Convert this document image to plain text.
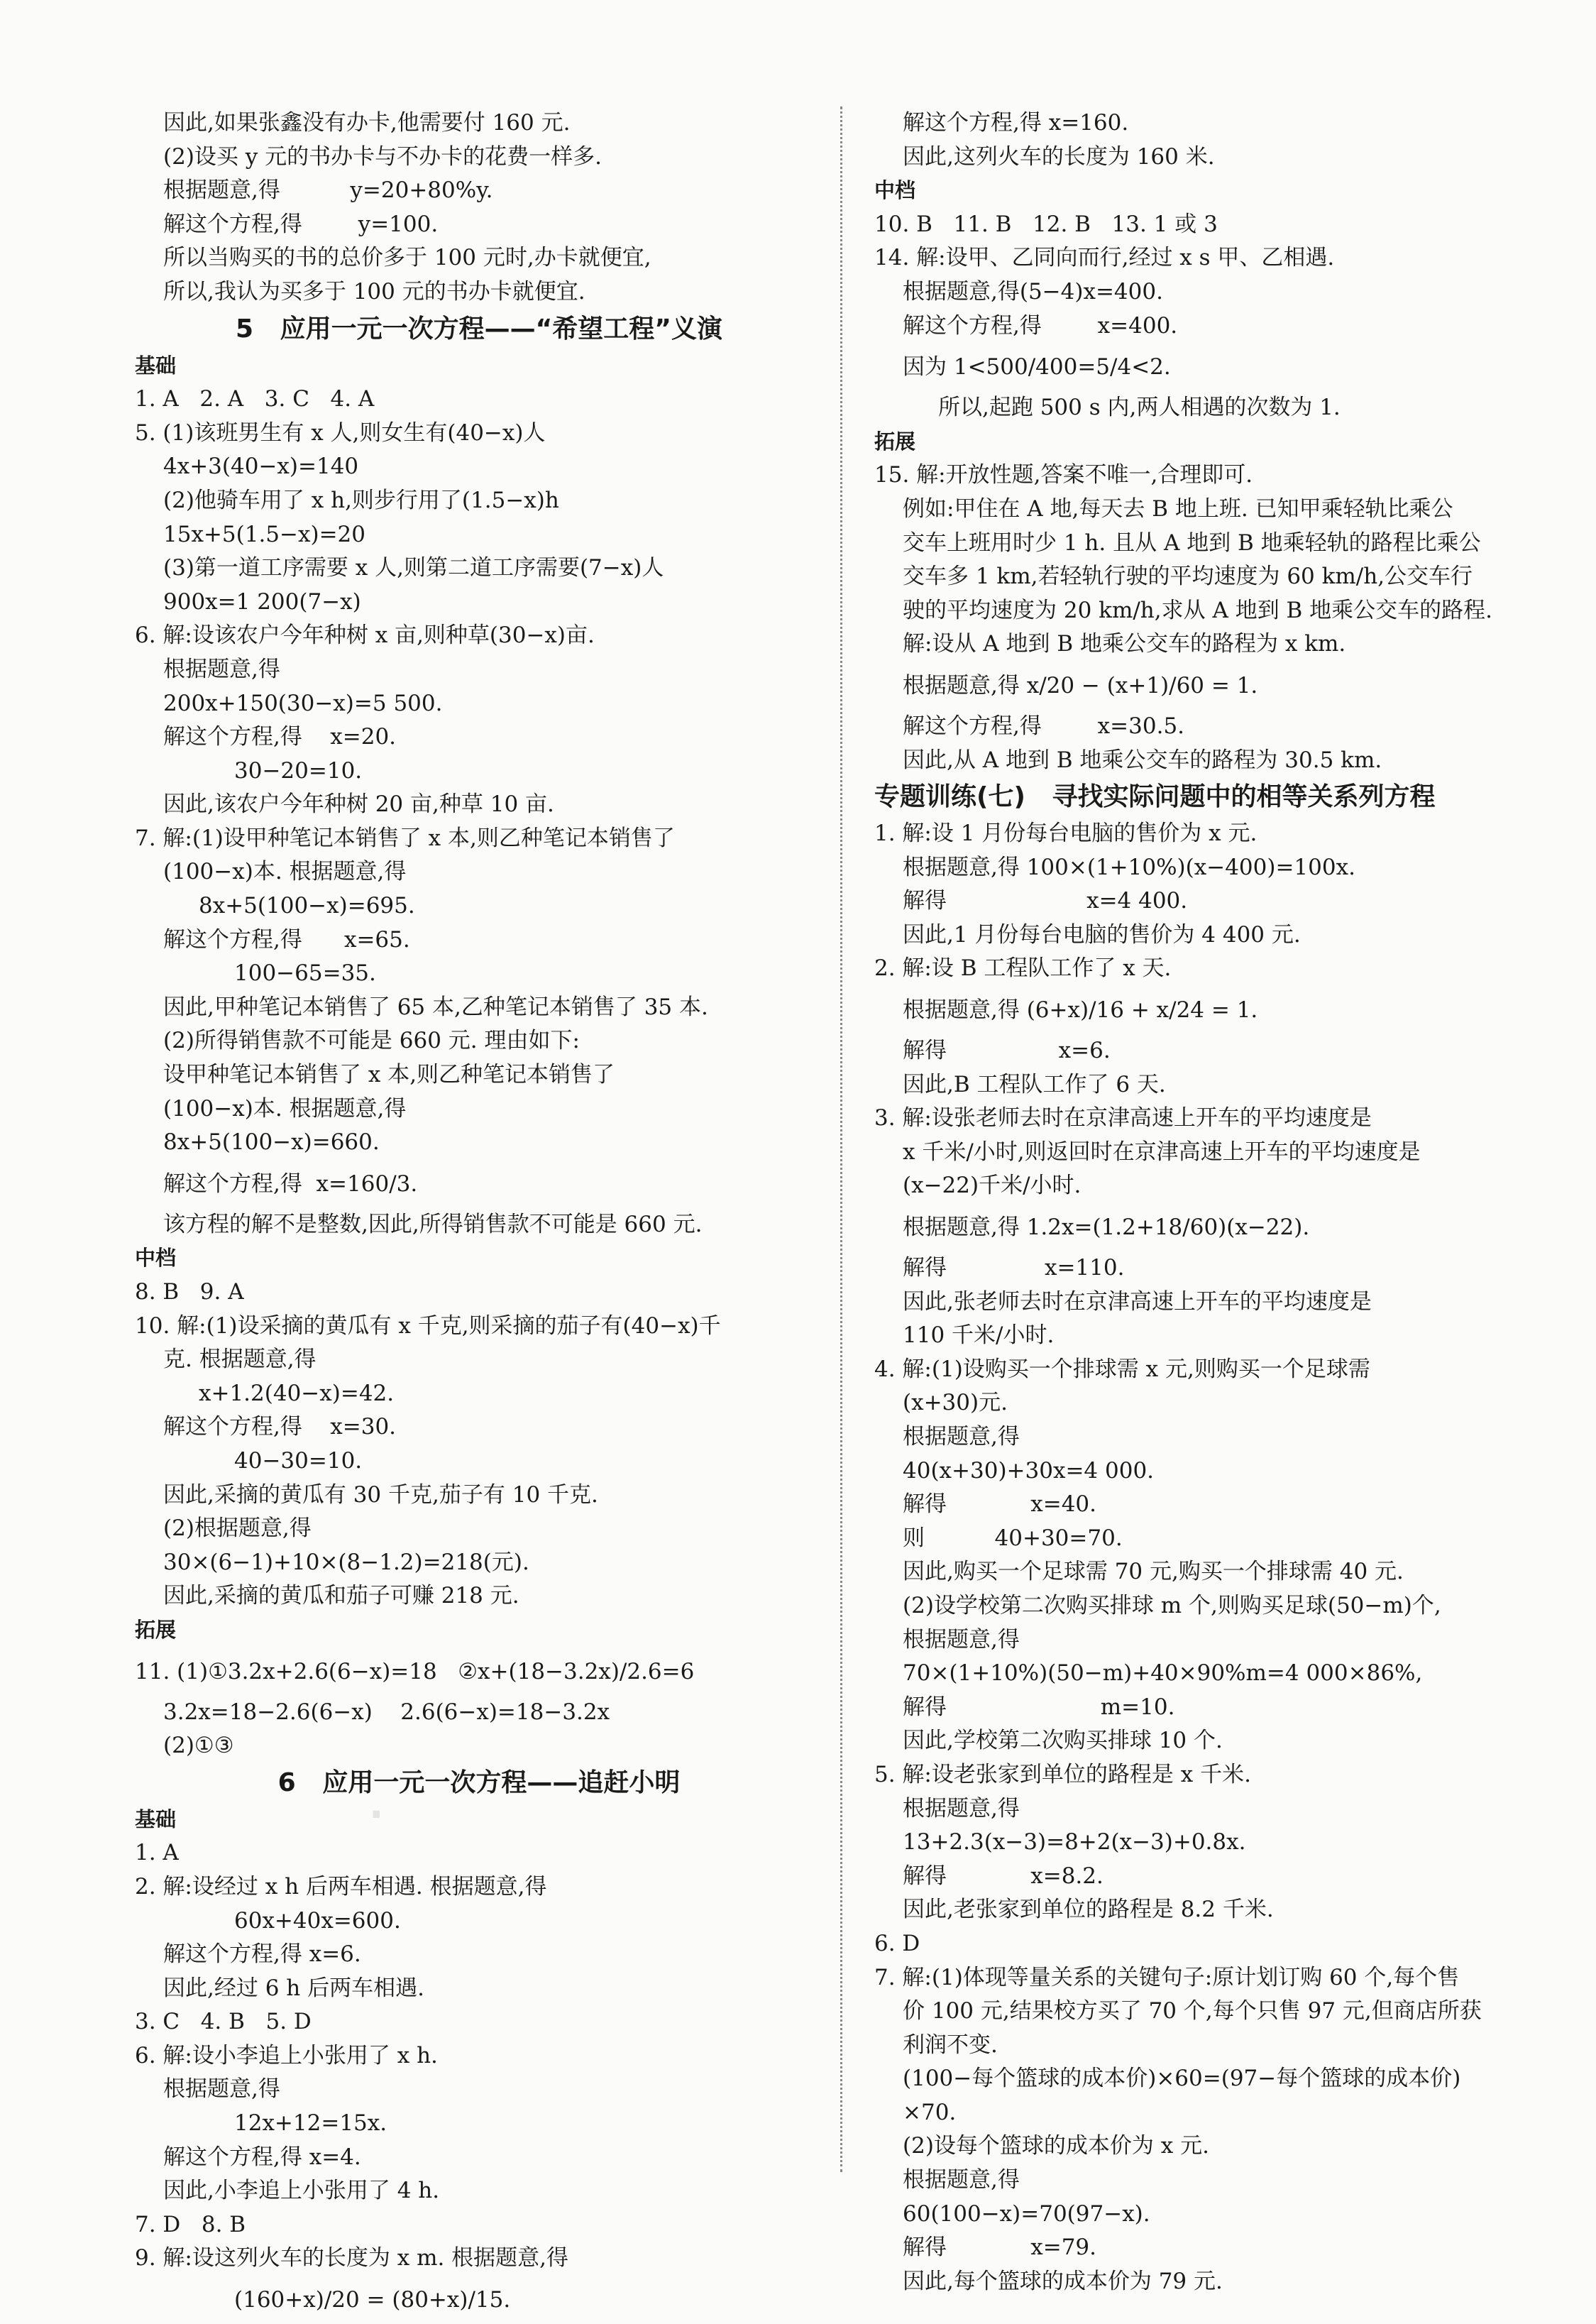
因此,如果张鑫没有办卡,他需要付 160 元.
(2)设买 y 元的书办卡与不办卡的花费一样多.
根据题意,得          y=20+80%y.
解这个方程,得        y=100.
所以当购买的书的总价多于 100 元时,办卡就便宜,
所以,我认为买多于 100 元的书办卡就便宜.
5   应用一元一次方程——“希望工程”义演
基础
1. A   2. A   3. C   4. A
5. (1)该班男生有 x 人,则女生有(40−x)人
4x+3(40−x)=140
(2)他骑车用了 x h,则步行用了(1.5−x)h
15x+5(1.5−x)=20
(3)第一道工序需要 x 人,则第二道工序需要(7−x)人
900x=1 200(7−x)
6. 解:设该农户今年种树 x 亩,则种草(30−x)亩.
根据题意,得
200x+150(30−x)=5 500.
解这个方程,得    x=20.
30−20=10.
因此,该农户今年种树 20 亩,种草 10 亩.
7. 解:(1)设甲种笔记本销售了 x 本,则乙种笔记本销售了
(100−x)本. 根据题意,得
8x+5(100−x)=695.
解这个方程,得      x=65.
100−65=35.
因此,甲种笔记本销售了 65 本,乙种笔记本销售了 35 本.
(2)所得销售款不可能是 660 元. 理由如下:
设甲种笔记本销售了 x 本,则乙种笔记本销售了
(100−x)本. 根据题意,得
8x+5(100−x)=660.
解这个方程,得  x=160/3.
该方程的解不是整数,因此,所得销售款不可能是 660 元.
中档
8. B   9. A
10. 解:(1)设采摘的黄瓜有 x 千克,则采摘的茄子有(40−x)千
克. 根据题意,得
x+1.2(40−x)=42.
解这个方程,得    x=30.
40−30=10.
因此,采摘的黄瓜有 30 千克,茄子有 10 千克.
(2)根据题意,得
30×(6−1)+10×(8−1.2)=218(元).
因此,采摘的黄瓜和茄子可赚 218 元.
拓展
11. (1)①3.2x+2.6(6−x)=18   ②x+(18−3.2x)/2.6=6
3.2x=18−2.6(6−x)    2.6(6−x)=18−3.2x
(2)①③
6   应用一元一次方程——追赶小明
基础
1. A
2. 解:设经过 x h 后两车相遇. 根据题意,得
60x+40x=600.
解这个方程,得 x=6.
因此,经过 6 h 后两车相遇.
3. C   4. B   5. D
6. 解:设小李追上小张用了 x h.
根据题意,得
12x+12=15x.
解这个方程,得 x=4.
因此,小李追上小张用了 4 h.
7. D   8. B
9. 解:设这列火车的长度为 x m. 根据题意,得
(160+x)/20 = (80+x)/15.
解这个方程,得 x=160.
因此,这列火车的长度为 160 米.
中档
10. B   11. B   12. B   13. 1 或 3
14. 解:设甲、乙同向而行,经过 x s 甲、乙相遇.
根据题意,得(5−4)x=400.
解这个方程,得        x=400.
因为 1<500/400=5/4<2.
所以,起跑 500 s 内,两人相遇的次数为 1.
拓展
15. 解:开放性题,答案不唯一,合理即可.
例如:甲住在 A 地,每天去 B 地上班. 已知甲乘轻轨比乘公
交车上班用时少 1 h. 且从 A 地到 B 地乘轻轨的路程比乘公
交车多 1 km,若轻轨行驶的平均速度为 60 km/h,公交车行
驶的平均速度为 20 km/h,求从 A 地到 B 地乘公交车的路程.
解:设从 A 地到 B 地乘公交车的路程为 x km.
根据题意,得 x/20 − (x+1)/60 = 1.
解这个方程,得        x=30.5.
因此,从 A 地到 B 地乘公交车的路程为 30.5 km.
专题训练(七)   寻找实际问题中的相等关系列方程
1. 解:设 1 月份每台电脑的售价为 x 元.
根据题意,得 100×(1+10%)(x−400)=100x.
解得                    x=4 400.
因此,1 月份每台电脑的售价为 4 400 元.
2. 解:设 B 工程队工作了 x 天.
根据题意,得 (6+x)/16 + x/24 = 1.
解得                x=6.
因此,B 工程队工作了 6 天.
3. 解:设张老师去时在京津高速上开车的平均速度是
x 千米/小时,则返回时在京津高速上开车的平均速度是
(x−22)千米/小时.
根据题意,得 1.2x=(1.2+18/60)(x−22).
解得              x=110.
因此,张老师去时在京津高速上开车的平均速度是
110 千米/小时.
4. 解:(1)设购买一个排球需 x 元,则购买一个足球需
(x+30)元.
根据题意,得
40(x+30)+30x=4 000.
解得            x=40.
则          40+30=70.
因此,购买一个足球需 70 元,购买一个排球需 40 元.
(2)设学校第二次购买排球 m 个,则购买足球(50−m)个,
根据题意,得
70×(1+10%)(50−m)+40×90%m=4 000×86%,
解得                      m=10.
因此,学校第二次购买排球 10 个.
5. 解:设老张家到单位的路程是 x 千米.
根据题意,得
13+2.3(x−3)=8+2(x−3)+0.8x.
解得            x=8.2.
因此,老张家到单位的路程是 8.2 千米.
6. D
7. 解:(1)体现等量关系的关键句子:原计划订购 60 个,每个售
价 100 元,结果校方买了 70 个,每个只售 97 元,但商店所获
利润不变.
(100−每个篮球的成本价)×60=(97−每个篮球的成本价)
×70.
(2)设每个篮球的成本价为 x 元.
根据题意,得
60(100−x)=70(97−x).
解得            x=79.
因此,每个篮球的成本价为 79 元.
·
